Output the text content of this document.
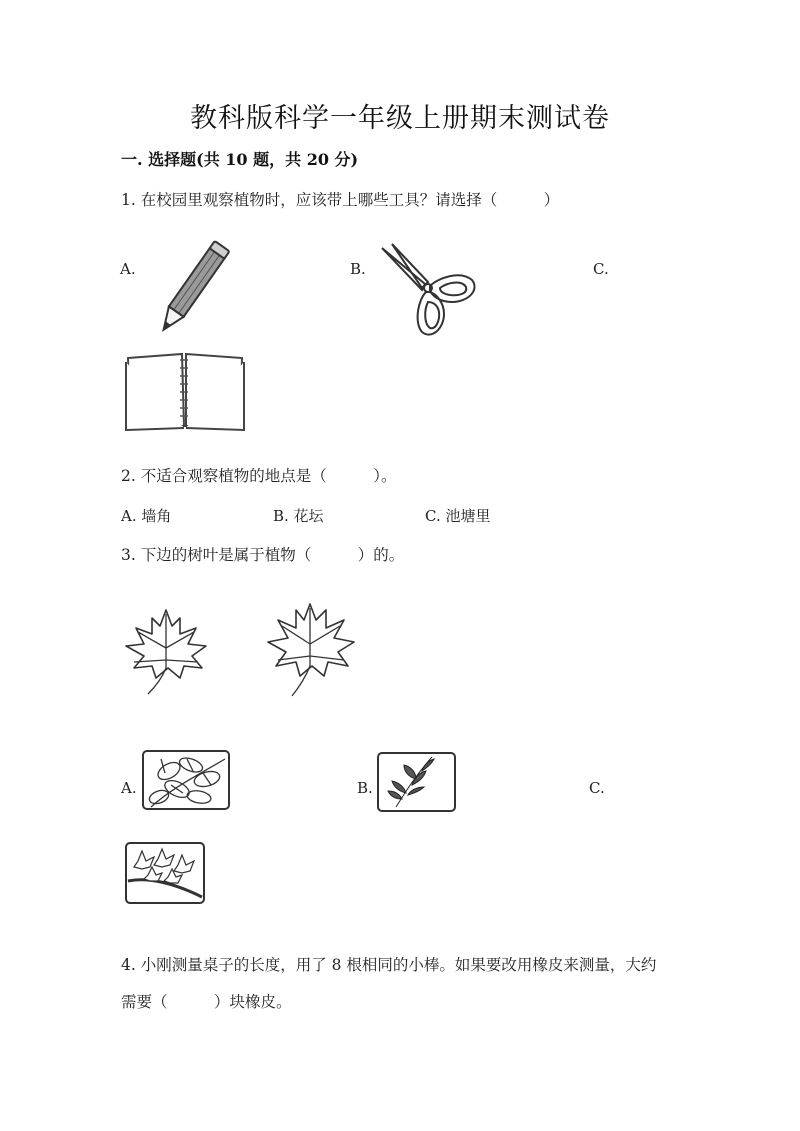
教科版科学一年级上册期末测试卷
一. 选择题(共 10 题，共 20 分)
1. 在校园里观察植物时，应该带上哪些工具？请选择（　　　）
A.	B.	C.
2. 不适合观察植物的地点是（　　　）。
A. 墙角	B. 花坛	C. 池塘里
3. 下边的树叶是属于植物（　　　）的。
A.	B.	C.
4. 小刚测量桌子的长度，用了 8 根相同的小棒。如果要改用橡皮来测量，大约
需要（　　　）块橡皮。
